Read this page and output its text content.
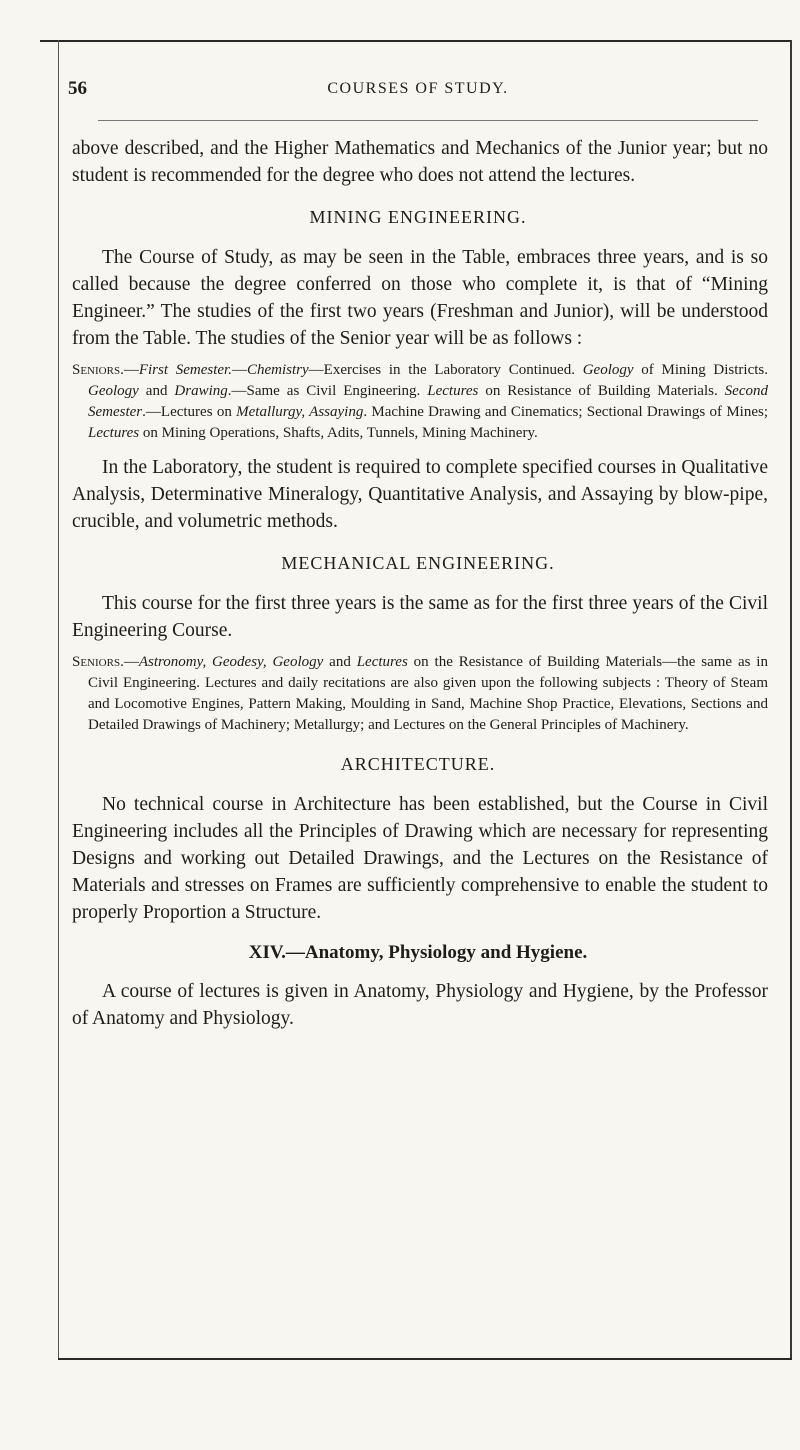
56	COURSES OF STUDY.

above described, and the Higher Mathematics and Mechanics of the Junior year; but no student is recommended for the degree who does not attend the lectures.

MINING ENGINEERING.

The Course of Study, as may be seen in the Table, embraces three years, and is so called because the degree conferred on those who complete it, is that of “Mining Engineer.” The studies of the first two years (Freshman and Junior), will be understood from the Table. The studies of the Senior year will be as follows :

Seniors.—First Semester.—Chemistry—Exercises in the Laboratory Continued. Geology of Mining Districts. Geology and Drawing.—Same as Civil Engineering. Lectures on Resistance of Building Materials. Second Semester.—Lectures on Metallurgy, Assaying. Machine Drawing and Cinematics; Sectional Drawings of Mines; Lectures on Mining Operations, Shafts, Adits, Tunnels, Mining Machinery.

In the Laboratory, the student is required to complete specified courses in Qualitative Analysis, Determinative Mineralogy, Quantitative Analysis, and Assaying by blow-pipe, crucible, and volumetric methods.

MECHANICAL ENGINEERING.

This course for the first three years is the same as for the first three years of the Civil Engineering Course.

Seniors.—Astronomy, Geodesy, Geology and Lectures on the Resistance of Building Materials—the same as in Civil Engineering. Lectures and daily recitations are also given upon the following subjects : Theory of Steam and Locomotive Engines, Pattern Making, Moulding in Sand, Machine Shop Practice, Elevations, Sections and Detailed Drawings of Machinery; Metallurgy; and Lectures on the General Principles of Machinery.

ARCHITECTURE.

No technical course in Architecture has been established, but the Course in Civil Engineering includes all the Principles of Drawing which are necessary for representing Designs and working out Detailed Drawings, and the Lectures on the Resistance of Materials and stresses on Frames are sufficiently comprehensive to enable the student to properly Proportion a Structure.

XIV.—Anatomy, Physiology and Hygiene.

A course of lectures is given in Anatomy, Physiology and Hygiene, by the Professor of Anatomy and Physiology.
